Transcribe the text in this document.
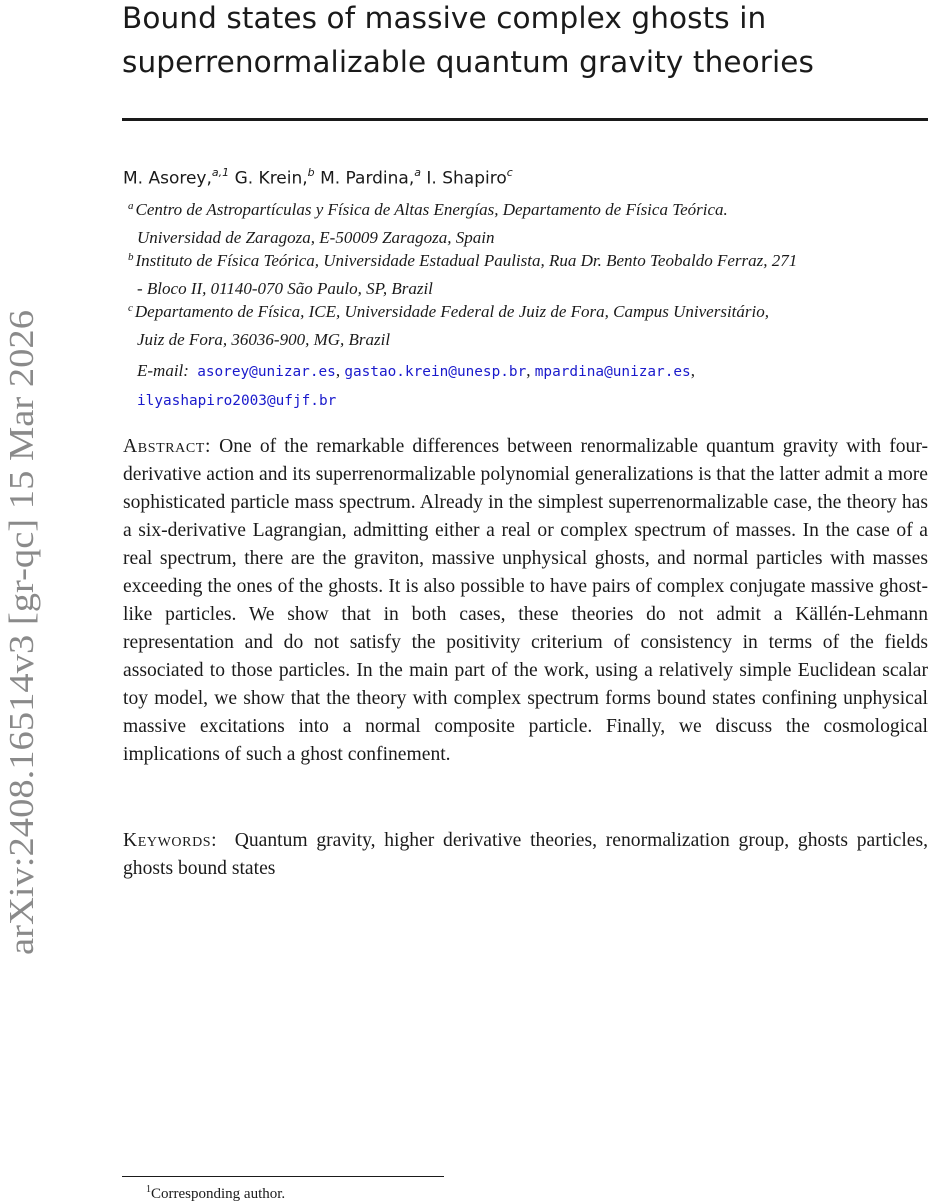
Bound states of massive complex ghosts in
superrenormalizable quantum gravity theories
M. Asorey,$^{a,1}$ G. Krein,$^b$ M. Pardina,$^a$ I. Shapiro$^c$
$^a$ Centro de Astropartículas y Física de Altas Energías, Departamento de Física Teórica.
Universidad de Zaragoza, E-50009 Zaragoza, Spain
$^b$ Instituto de Física Teórica, Universidade Estadual Paulista, Rua Dr. Bento Teobaldo Ferraz, 271
- Bloco II, 01140-070 São Paulo, SP, Brazil
$^c$ Departamento de Física, ICE, Universidade Federal de Juiz de Fora, Campus Universitário,
Juiz de Fora, 36036-900, MG, Brazil
E-mail: asorey@unizar.es, gastao.krein@unesp.br, mpardina@unizar.es,
ilyashapiro2003@ufjf.br
Abstract: One of the remarkable differences between renormalizable quantum gravity with four-derivative action and its superrenormalizable polynomial generalizations is that the latter admit a more sophisticated particle mass spectrum. Already in the simplest superrenormalizable case, the theory has a six-derivative Lagrangian, admitting either a real or complex spectrum of masses. In the case of a real spectrum, there are the graviton, massive unphysical ghosts, and normal particles with masses exceeding the ones of the ghosts. It is also possible to have pairs of complex conjugate massive ghost-like particles. We show that in both cases, these theories do not admit a Källén-Lehmann representation and do not satisfy the positivity criterium of consistency in terms of the fields associated to those particles. In the main part of the work, using a relatively simple Euclidean scalar toy model, we show that the theory with complex spectrum forms bound states confining unphysical massive excitations into a normal composite particle. Finally, we discuss the cosmological implications of such a ghost confinement.
Keywords: Quantum gravity, higher derivative theories, renormalization group, ghosts particles, ghosts bound states
arXiv:2408.16514v3 [gr-qc] 15 Mar 2026
$^1$Corresponding author.
